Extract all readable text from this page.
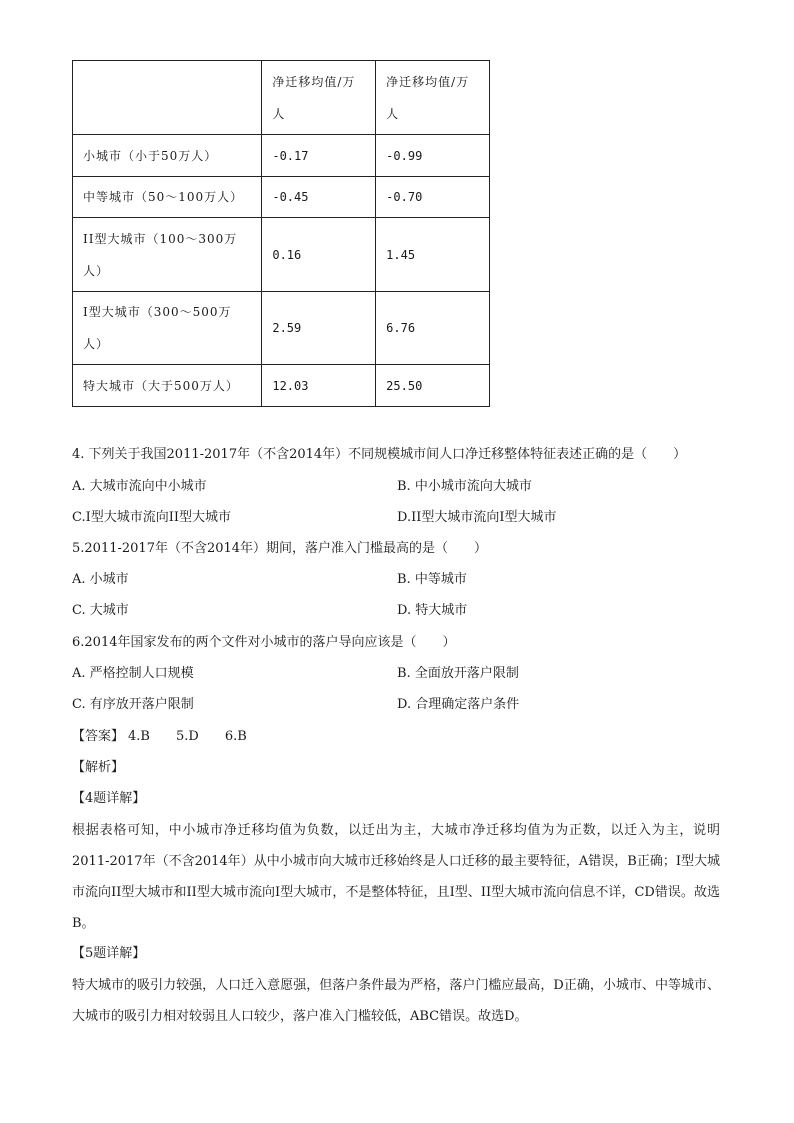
	净迁移均值/万人	净迁移均值/万人
小城市（小于50万人）	-0.17	-0.99
中等城市（50～100万人）	-0.45	-0.70
II型大城市（100～300万人）	0.16	1.45
I型大城市（300～500万人）	2.59	6.76
特大城市（大于500万人）	12.03	25.50
4. 下列关于我国2011-2017年（不含2014年）不同规模城市间人口净迁移整体特征表述正确的是（　　）
A. 大城市流向中小城市	B. 中小城市流向大城市
C.I型大城市流向II型大城市	D.II型大城市流向I型大城市
5.2011-2017年（不含2014年）期间，落户准入门槛最高的是（　　）
A. 小城市	B. 中等城市
C. 大城市	D. 特大城市
6.2014年国家发布的两个文件对小城市的落户导向应该是（　　）
A. 严格控制人口规模	B. 全面放开落户限制
C. 有序放开落户限制	D. 合理确定落户条件
【答案】 4.B 5.D 6.B
【解析】
【4题详解】
根据表格可知，中小城市净迁移均值为负数，以迁出为主，大城市净迁移均值为为正数，以迁入为主，说明2011-2017年（不含2014年）从中小城市向大城市迁移始终是人口迁移的最主要特征，A错误，B正确；I型大城市流向II型大城市和II型大城市流向I型大城市，不是整体特征，且I型、II型大城市流向信息不详，CD错误。故选B。
【5题详解】
特大城市的吸引力较强，人口迁入意愿强，但落户条件最为严格，落户门槛应最高，D正确，小城市、中等城市、大城市的吸引力相对较弱且人口较少，落户准入门槛较低，ABC错误。故选D。
